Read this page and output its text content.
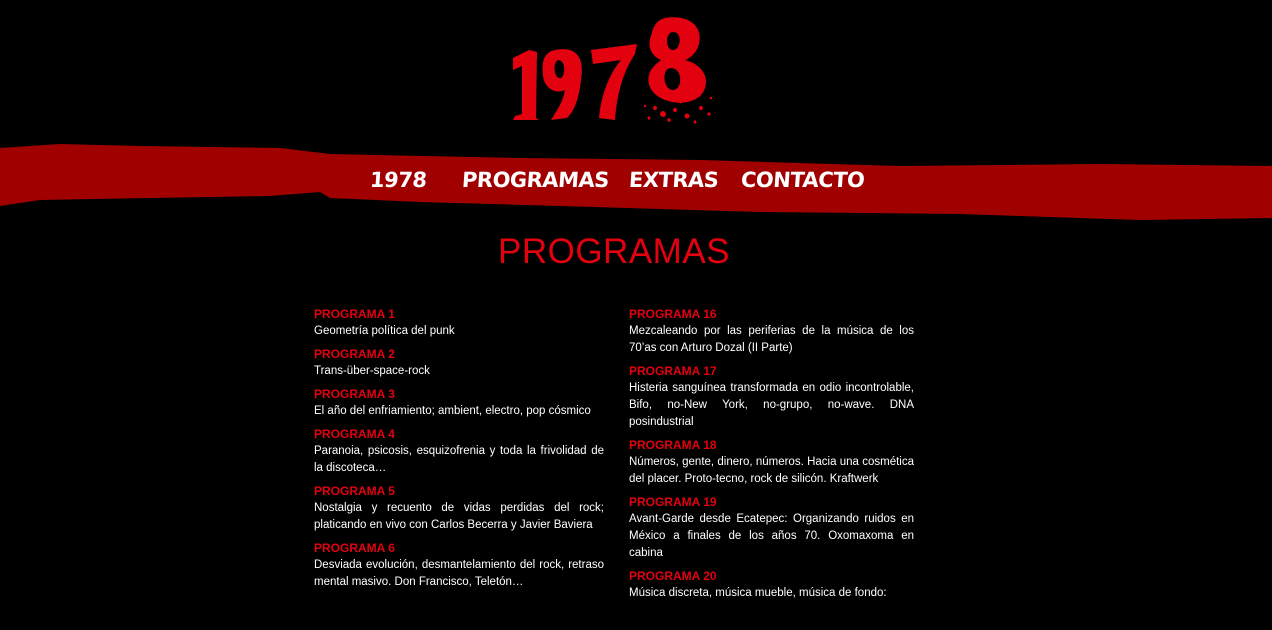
1978 PROGRAMAS EXTRAS CONTACTO
PROGRAMAS
PROGRAMA 1
Geometría política del punk
PROGRAMA 2
Trans-über-space-rock
PROGRAMA 3
El año del enfriamiento; ambient, electro, pop cósmico
PROGRAMA 4
Paranoia, psicosis, esquizofrenia y toda la frivolidad de la discoteca…
PROGRAMA 5
Nostalgia y recuento de vidas perdidas del rock; platicando en vivo con Carlos Becerra y Javier Baviera
PROGRAMA 6
Desviada evolución, desmantelamiento del rock, retraso mental masivo. Don Francisco, Teletón…
PROGRAMA 16
Mezcaleando por las periferias de la música de los 70’as con Arturo Dozal (II Parte)
PROGRAMA 17
Histeria sanguínea transformada en odio incontrolable, Bifo, no-New York, no-grupo, no-wave. DNA posindustrial
PROGRAMA 18
Números, gente, dinero, números. Hacia una cosmética del placer. Proto-tecno, rock de silicón. Kraftwerk
PROGRAMA 19
Avant-Garde desde Ecatepec: Organizando ruidos en México a finales de los años 70. Oxomaxoma en cabina
PROGRAMA 20
Música discreta, música mueble, música de fondo:
